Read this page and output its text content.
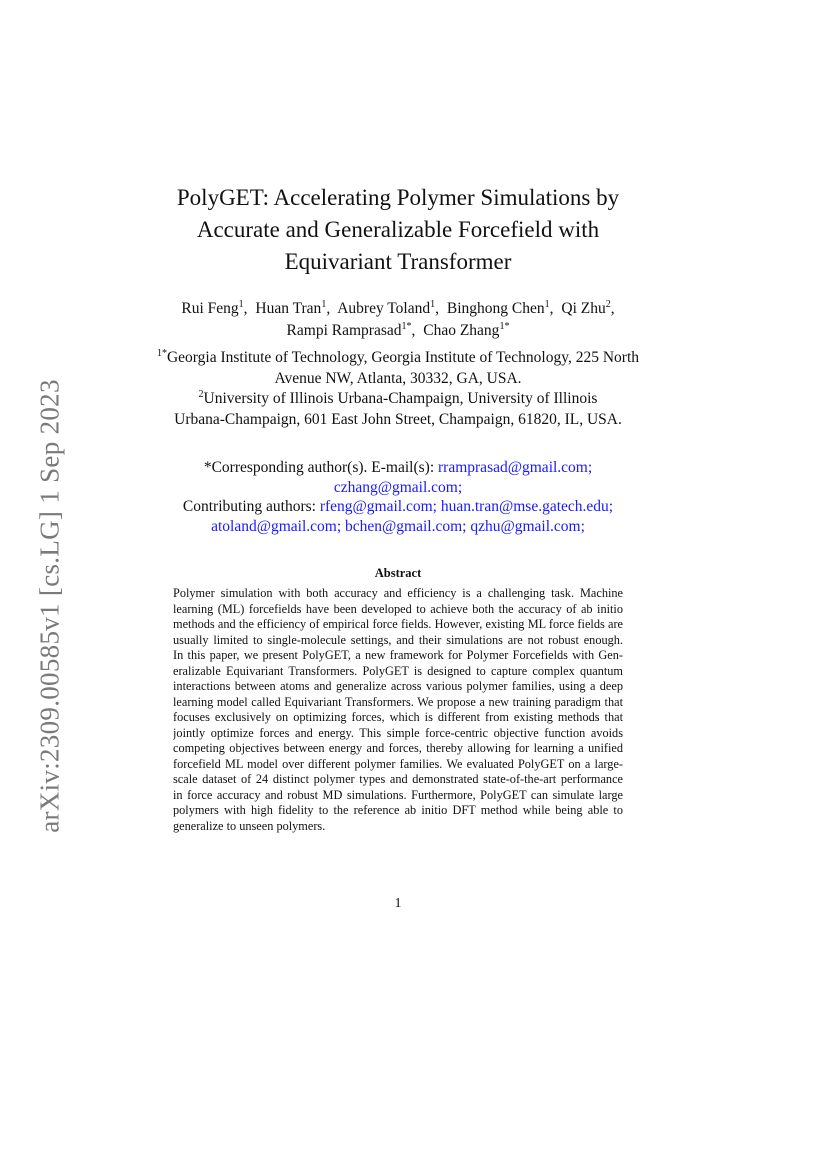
arXiv:2309.00585v1 [cs.LG] 1 Sep 2023
PolyGET: Accelerating Polymer Simulations by
Accurate and Generalizable Forcefield with
Equivariant Transformer
Rui Feng$^1$, Huan Tran$^1$, Aubrey Toland$^1$, Binghong Chen$^1$, Qi Zhu$^2$,
Rampi Ramprasad$^{1*}$, Chao Zhang$^{1*}$
$^{1*}$Georgia Institute of Technology, Georgia Institute of Technology, 225 North
Avenue NW, Atlanta, 30332, GA, USA.
$^2$University of Illinois Urbana-Champaign, University of Illinois
Urbana-Champaign, 601 East John Street, Champaign, 61820, IL, USA.
*Corresponding author(s). E-mail(s): rramprasad@gmail.com;
czhang@gmail.com;
Contributing authors: rfeng@gmail.com; huan.tran@mse.gatech.edu;
atoland@gmail.com; bchen@gmail.com; qzhu@gmail.com;
Abstract
Polymer simulation with both accuracy and efficiency is a challenging task. Machine
learning (ML) forcefields have been developed to achieve both the accuracy of ab initio
methods and the efficiency of empirical force fields. However, existing ML force fields are
usually limited to single-molecule settings, and their simulations are not robust enough.
In this paper, we present PolyGET, a new framework for Polymer Forcefields with Gen-
eralizable Equivariant Transformers. PolyGET is designed to capture complex quantum
interactions between atoms and generalize across various polymer families, using a deep
learning model called Equivariant Transformers. We propose a new training paradigm that
focuses exclusively on optimizing forces, which is different from existing methods that
jointly optimize forces and energy. This simple force-centric objective function avoids
competing objectives between energy and forces, thereby allowing for learning a unified
forcefield ML model over different polymer families. We evaluated PolyGET on a large-
scale dataset of 24 distinct polymer types and demonstrated state-of-the-art performance
in force accuracy and robust MD simulations. Furthermore, PolyGET can simulate large
polymers with high fidelity to the reference ab initio DFT method while being able to
generalize to unseen polymers.
1
